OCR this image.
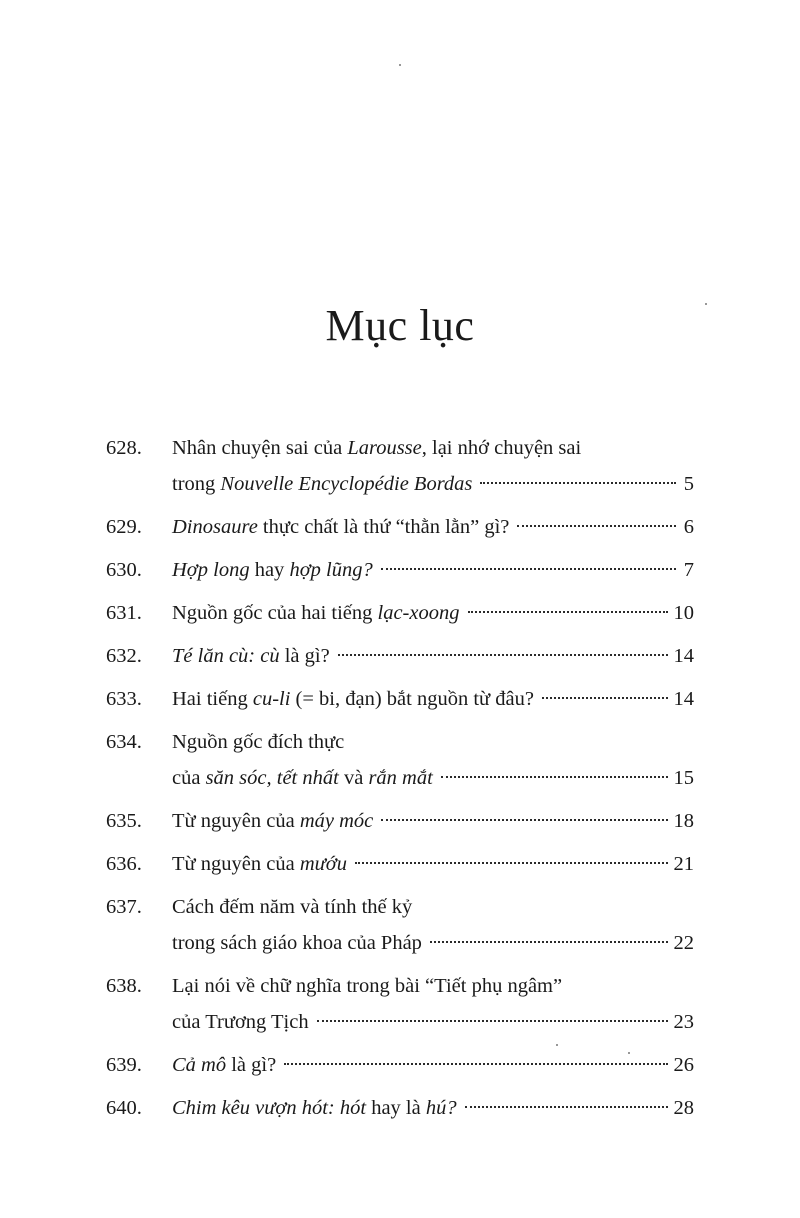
Mục lục
628. Nhân chuyện sai của Larousse , lại nhớ chuyện sai
trong Nouvelle Encyclopédie Bordas	5
629. Dinosaure thực chất là thứ “thằn lằn” gì?	6
630. Hợp long hay hợp lũng?	7
631. Nguồn gốc của hai tiếng lạc-xoong	10
632. Té lăn cù: cù là gì?	14
633. Hai tiếng cu-li (= bi, đạn) bắt nguồn từ đâu?	14
634. Nguồn gốc đích thực
của săn sóc, tết nhất và rắn mắt	15
635. Từ nguyên của máy móc	18
636. Từ nguyên của mướu	21
637. Cách đếm năm và tính thế kỷ
trong sách giáo khoa của Pháp	22
638. Lại nói về chữ nghĩa trong bài “Tiết phụ ngâm”
của Trương Tịch	23
639. Cả mô là gì?	26
640. Chim kêu vượn hót: hót hay là hú?	28
